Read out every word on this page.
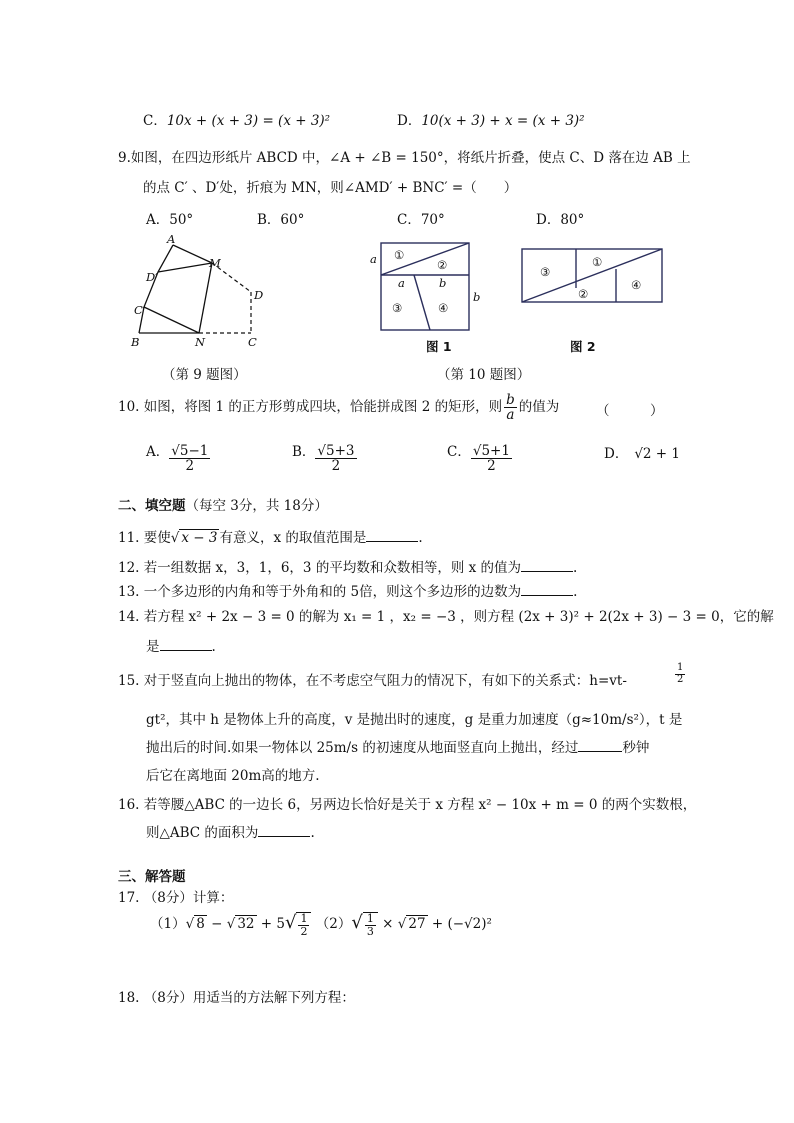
C．10x + (x + 3) = (x + 3)²	D．10(x + 3) + x = (x + 3)²
9.如图，在四边形纸片 ABCD 中，∠A + ∠B = 150°，将纸片折叠，使点 C、D 落在边 AB 上
的点 C′ 、D′处，折痕为 MN，则∠AMD′ + BNC′ =（　　）
A．50°	B．60°	C．70°	D．80°
A
D′
M
D
C′
B	N	C
（第 9 题图）
a ①
②
a	b
③	④
b
图 1
③
①
②
④
图 2
（第 10 题图）
10. 如图，将图 1 的正方形剪成四块，恰能拼成图 2 的矩形，则 $\frac{b}{a}$ 的值为	（　　　）
A． $\frac{√5-1}{2}$	B． $\frac{√5+3}{2}$	C． $\frac{√5+1}{2}$	D． √2 + 1
二、填空题（每空 3分，共 18分）
11. 要使√ x − 3 有意义，x 的取值范围是	.
12. 若一组数据 x，3，1，6，3 的平均数和众数相等，则 x 的值为	.
13. 一个多边形的内角和等于外角和的 5倍，则这个多边形的边数为	.
14. 若方程 x² + 2x − 3 = 0 的解为 x₁ = 1 ，x₂ = −3 ，则方程 (2x + 3)² + 2(2x + 3) − 3 = 0，它的解
是	.
15. 对于竖直向上抛出的物体，在不考虑空气阻力的情况下，有如下的关系式：h=vt-	$\frac{1}{2}$
gt²，其中 h 是物体上升的高度，v 是抛出时的速度，g 是重力加速度（g≈10m/s²），t 是
抛出后的时间.如果一物体以 25m/s 的初速度从地面竖直向上抛出，经过	秒钟
后它在离地面 20m高的地方.
16. 若等腰△ABC 的一边长 6，另两边长恰好是关于 x 方程 x² − 10x + m = 0 的两个实数根，
则△ABC 的面积为	.
三、解答题
17. （8分）计算：
（1）√ 8 − √ $32 + 5√ \frac{1}{2} (2)√ \frac{1}{3}$ × √ 27 + (−√2)²
18. （8分）用适当的方法解下列方程：
